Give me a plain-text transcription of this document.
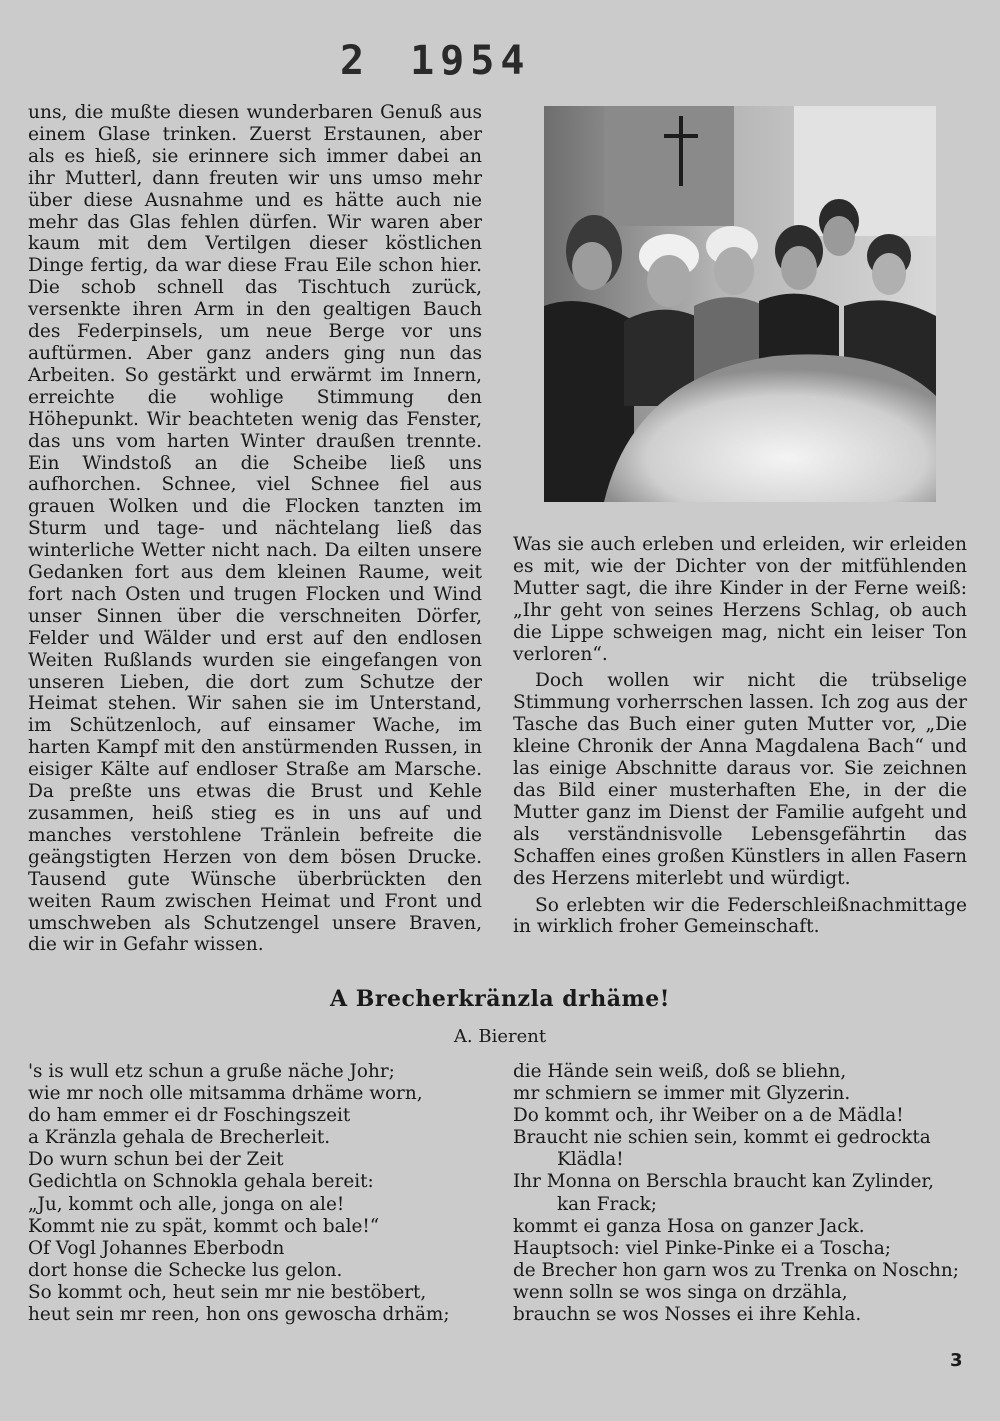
2 1954

uns, die mußte diesen wunderbaren Genuß aus einem Glase trinken. Zuerst Erstaunen, aber als es hieß, sie erinnere sich immer dabei an ihr Mutterl, dann freuten wir uns umso mehr über diese Ausnahme und es hätte auch nie mehr das Glas fehlen dürfen. Wir waren aber kaum mit dem Vertilgen dieser köstlichen Dinge fertig, da war diese Frau Eile schon hier. Die schob schnell das Tischtuch zurück, versenkte ihren Arm in den gealtigen Bauch des Federpinsels, um neue Berge vor uns auftürmen. Aber ganz anders ging nun das Arbeiten. So gestärkt und erwärmt im Innern, erreichte die wohlige Stimmung den Höhepunkt. Wir beachteten wenig das Fenster, das uns vom harten Winter draußen trennte. Ein Windstoß an die Scheibe ließ uns aufhorchen. Schnee, viel Schnee fiel aus grauen Wolken und die Flocken tanzten im Sturm und tage- und nächtelang ließ das winterliche Wetter nicht nach. Da eilten unsere Gedanken fort aus dem kleinen Raume, weit fort nach Osten und trugen Flocken und Wind unser Sinnen über die verschneiten Dörfer, Felder und Wälder und erst auf den endlosen Weiten Rußlands wurden sie eingefangen von unseren Lieben, die dort zum Schutze der Heimat stehen. Wir sahen sie im Unterstand, im Schützenloch, auf einsamer Wache, im harten Kampf mit den anstürmenden Russen, in eisiger Kälte auf endloser Straße am Marsche. Da preßte uns etwas die Brust und Kehle zusammen, heiß stieg es in uns auf und manches verstohlene Tränlein befreite die geängstigten Herzen von dem bösen Drucke. Tausend gute Wünsche überbrückten den weiten Raum zwischen Heimat und Front und umschweben als Schutzengel unsere Braven, die wir in Gefahr wissen.

Was sie auch erleben und erleiden, wir erleiden es mit, wie der Dichter von der mitfühlenden Mutter sagt, die ihre Kinder in der Ferne weiß: „Ihr geht von seines Herzens Schlag, ob auch die Lippe schweigen mag, nicht ein leiser Ton verloren“.

Doch wollen wir nicht die trübselige Stimmung vorherrschen lassen. Ich zog aus der Tasche das Buch einer guten Mutter vor, „Die kleine Chronik der Anna Magdalena Bach“ und las einige Abschnitte daraus vor. Sie zeichnen das Bild einer musterhaften Ehe, in der die Mutter ganz im Dienst der Familie aufgeht und als verständnisvolle Lebensgefährtin das Schaffen eines großen Künstlers in allen Fasern des Herzens miterlebt und würdigt.

So erlebten wir die Federschleißnachmittage in wirklich froher Gemeinschaft.

A Brecherkränzla drhäme!
A. Bierent
's is wull etz schun a gruße näche Johr;
wie mr noch olle mitsamma drhäme worn,
do ham emmer ei dr Foschingszeit
a Kränzla gehala de Brecherleit.
Do wurn schun bei der Zeit
Gedichtla on Schnokla gehala bereit:
„Ju, kommt och alle, jonga on ale!
Kommt nie zu spät, kommt och bale!“
Of Vogl Johannes Eberbodn
dort honse die Schecke lus gelon.
So kommt och, heut sein mr nie bestöbert,
heut sein mr reen, hon ons gewoscha drhäm;
die Hände sein weiß, doß se bliehn,
mr schmiern se immer mit Glyzerin.
Do kommt och, ihr Weiber on a de Mädla!
Braucht nie schien sein, kommt ei gedrockta
Klädla!
Ihr Monna on Berschla braucht kan Zylinder,
kan Frack;
kommt ei ganza Hosa on ganzer Jack.
Hauptsoch: viel Pinke-Pinke ei a Toscha;
de Brecher hon garn wos zu Trenka on Noschn;
wenn solln se wos singa on drzähla,
brauchn se wos Nosses ei ihre Kehla.
3
